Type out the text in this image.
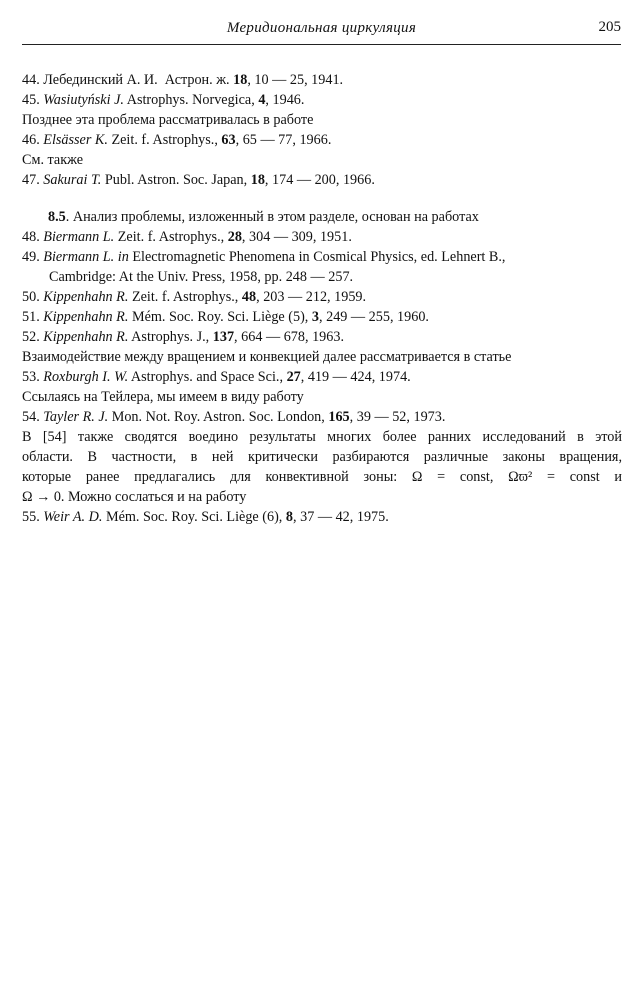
Меридиональная циркуляция	205
44. Лебединский А. И. Астрон. ж. 18, 10 — 25, 1941.
45. Wasiutyński J. Astrophys. Norvegica, 4, 1946.
Позднее эта проблема рассматривалась в работе
46. Elsässer K. Zeit. f. Astrophys., 63, 65 — 77, 1966.
См. также
47. Sakurai T. Publ. Astron. Soc. Japan, 18, 174 — 200, 1966.
8.5. Анализ проблемы, изложенный в этом разделе, основан на работах
48. Biermann L. Zeit. f. Astrophys., 28, 304 — 309, 1951.
49. Biermann L. in Electromagnetic Phenomena in Cosmical Physics, ed. Lehnert B.,
Cambridge: At the Univ. Press, 1958, pp. 248 — 257.
50. Kippenhahn R. Zeit. f. Astrophys., 48, 203 — 212, 1959.
51. Kippenhahn R. Mém. Soc. Roy. Sci. Liège (5), 3, 249 — 255, 1960.
52. Kippenhahn R. Astrophys. J., 137, 664 — 678, 1963.
Взаимодействие между вращением и конвекцией далее рассматривается в статье
53. Roxburgh I. W. Astrophys. and Space Sci., 27, 419 — 424, 1974.
Ссылаясь на Тейлера, мы имеем в виду работу
54. Tayler R. J. Mon. Not. Roy. Astron. Soc. London, 165, 39 — 52, 1973.
В [54] также сводятся воедино результаты многих более ранних исследований в этой
области. В частности, в ней критически разбираются различные законы вращения,
которые ранее предлагались для конвективной зоны: Ω = const, Ωϖ² = const и
Ω → 0. Можно сослаться и на работу
55. Weir A. D. Mém. Soc. Roy. Sci. Liège (6), 8, 37 — 42, 1975.
